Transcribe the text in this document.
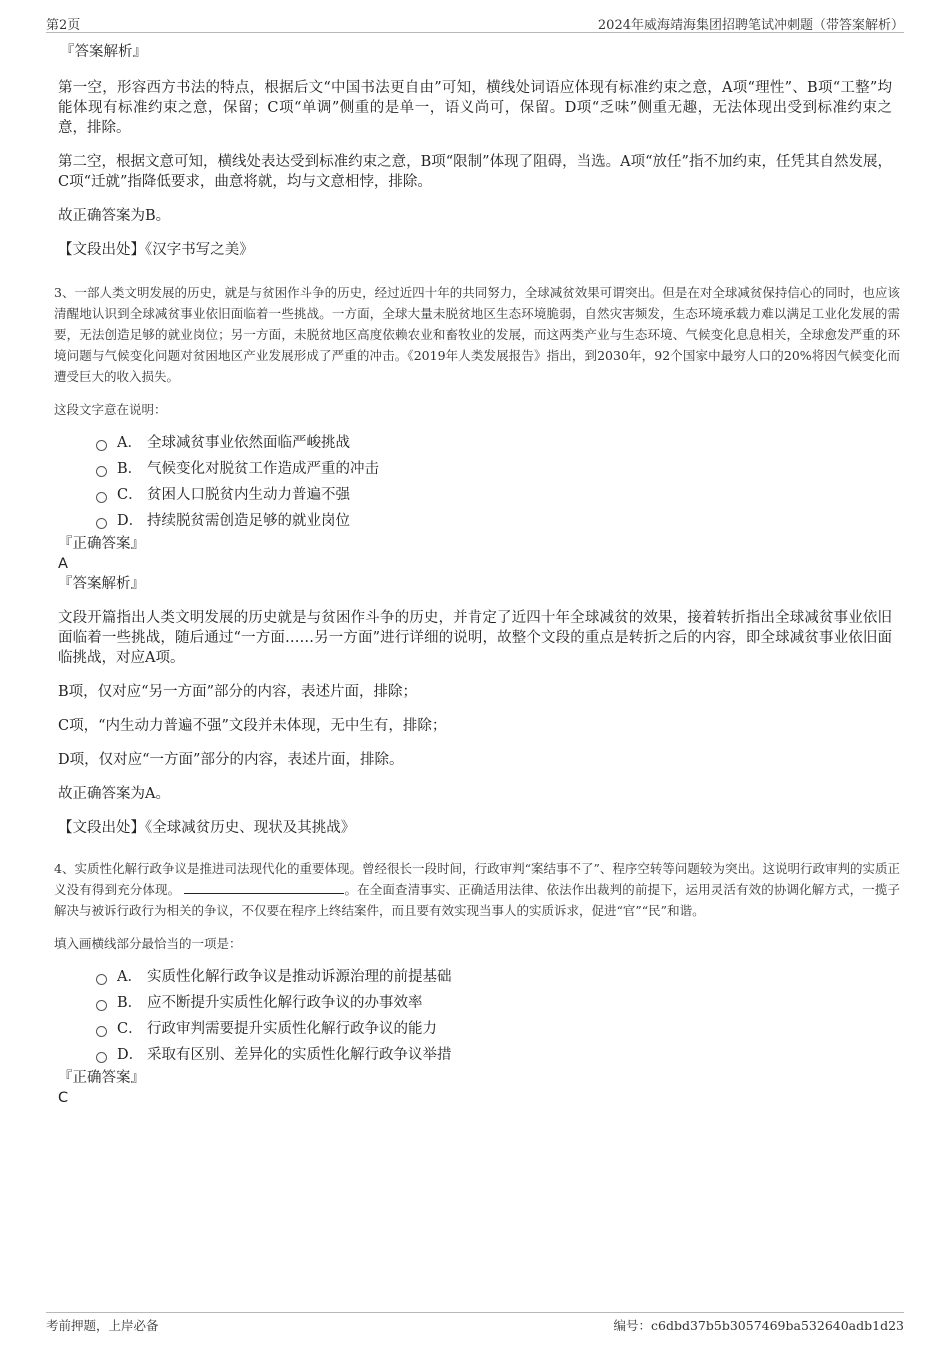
第2页	2024年威海靖海集团招聘笔试冲刺题（带答案解析）
『答案解析』

第一空，形容西方书法的特点，根据后文“中国书法更自由”可知，横线处词语应体现有标准约束之意，A项“理性”、B项“工整”均能体现有标准约束之意，保留；C项“单调”侧重的是单一，语义尚可，保留。D项“乏味”侧重无趣，无法体现出受到标准约束之意，排除。

第二空，根据文意可知，横线处表达受到标准约束之意，B项“限制”体现了阻碍，当选。A项“放任”指不加约束，任凭其自然发展，C项“迁就”指降低要求，曲意将就，均与文意相悖，排除。

故正确答案为B。

【文段出处】《汉字书写之美》

3、一部人类文明发展的历史，就是与贫困作斗争的历史，经过近四十年的共同努力，全球减贫效果可谓突出。但是在对全球减贫保持信心的同时，也应该清醒地认识到全球减贫事业依旧面临着一些挑战。一方面，全球大量未脱贫地区生态环境脆弱，自然灾害频发，生态环境承载力难以满足工业化发展的需要，无法创造足够的就业岗位；另一方面，未脱贫地区高度依赖农业和畜牧业的发展，而这两类产业与生态环境、气候变化息息相关，全球愈发严重的环境问题与气候变化问题对贫困地区产业发展形成了严重的冲击。《2019年人类发展报告》指出，到2030年，92个国家中最穷人口的20%将因气候变化而遭受巨大的收入损失。

这段文字意在说明：
A． 全球减贫事业依然面临严峻挑战
B． 气候变化对脱贫工作造成严重的冲击
C． 贫困人口脱贫内生动力普遍不强
D． 持续脱贫需创造足够的就业岗位
『正确答案』
A
『答案解析』

文段开篇指出人类文明发展的历史就是与贫困作斗争的历史，并肯定了近四十年全球减贫的效果，接着转折指出全球减贫事业依旧面临着一些挑战，随后通过“一方面……另一方面”进行详细的说明，故整个文段的重点是转折之后的内容，即全球减贫事业依旧面临挑战，对应A项。

B项，仅对应“另一方面”部分的内容，表述片面，排除；

C项，“内生动力普遍不强”文段并未体现，无中生有，排除；

D项，仅对应“一方面”部分的内容，表述片面，排除。

故正确答案为A。

【文段出处】《全球减贫历史、现状及其挑战》

4、实质性化解行政争议是推进司法现代化的重要体现。曾经很长一段时间，行政审判“案结事不了”、程序空转等问题较为突出。这说明行政审判的实质正义没有得到充分体现。	。在全面查清事实、正确适用法律、依法作出裁判的前提下，运用灵活有效的协调化解方式，一揽子解决与被诉行政行为相关的争议，不仅要在程序上终结案件，而且要有效实现当事人的实质诉求，促进“官”“民”和谐。

填入画横线部分最恰当的一项是：
A． 实质性化解行政争议是推动诉源治理的前提基础
B． 应不断提升实质性化解行政争议的办事效率
C． 行政审判需要提升实质性化解行政争议的能力
D． 采取有区别、差异化的实质性化解行政争议举措
『正确答案』
C
考前押题，上岸必备	编号：c6dbd37b5b3057469ba532640adb1d23
